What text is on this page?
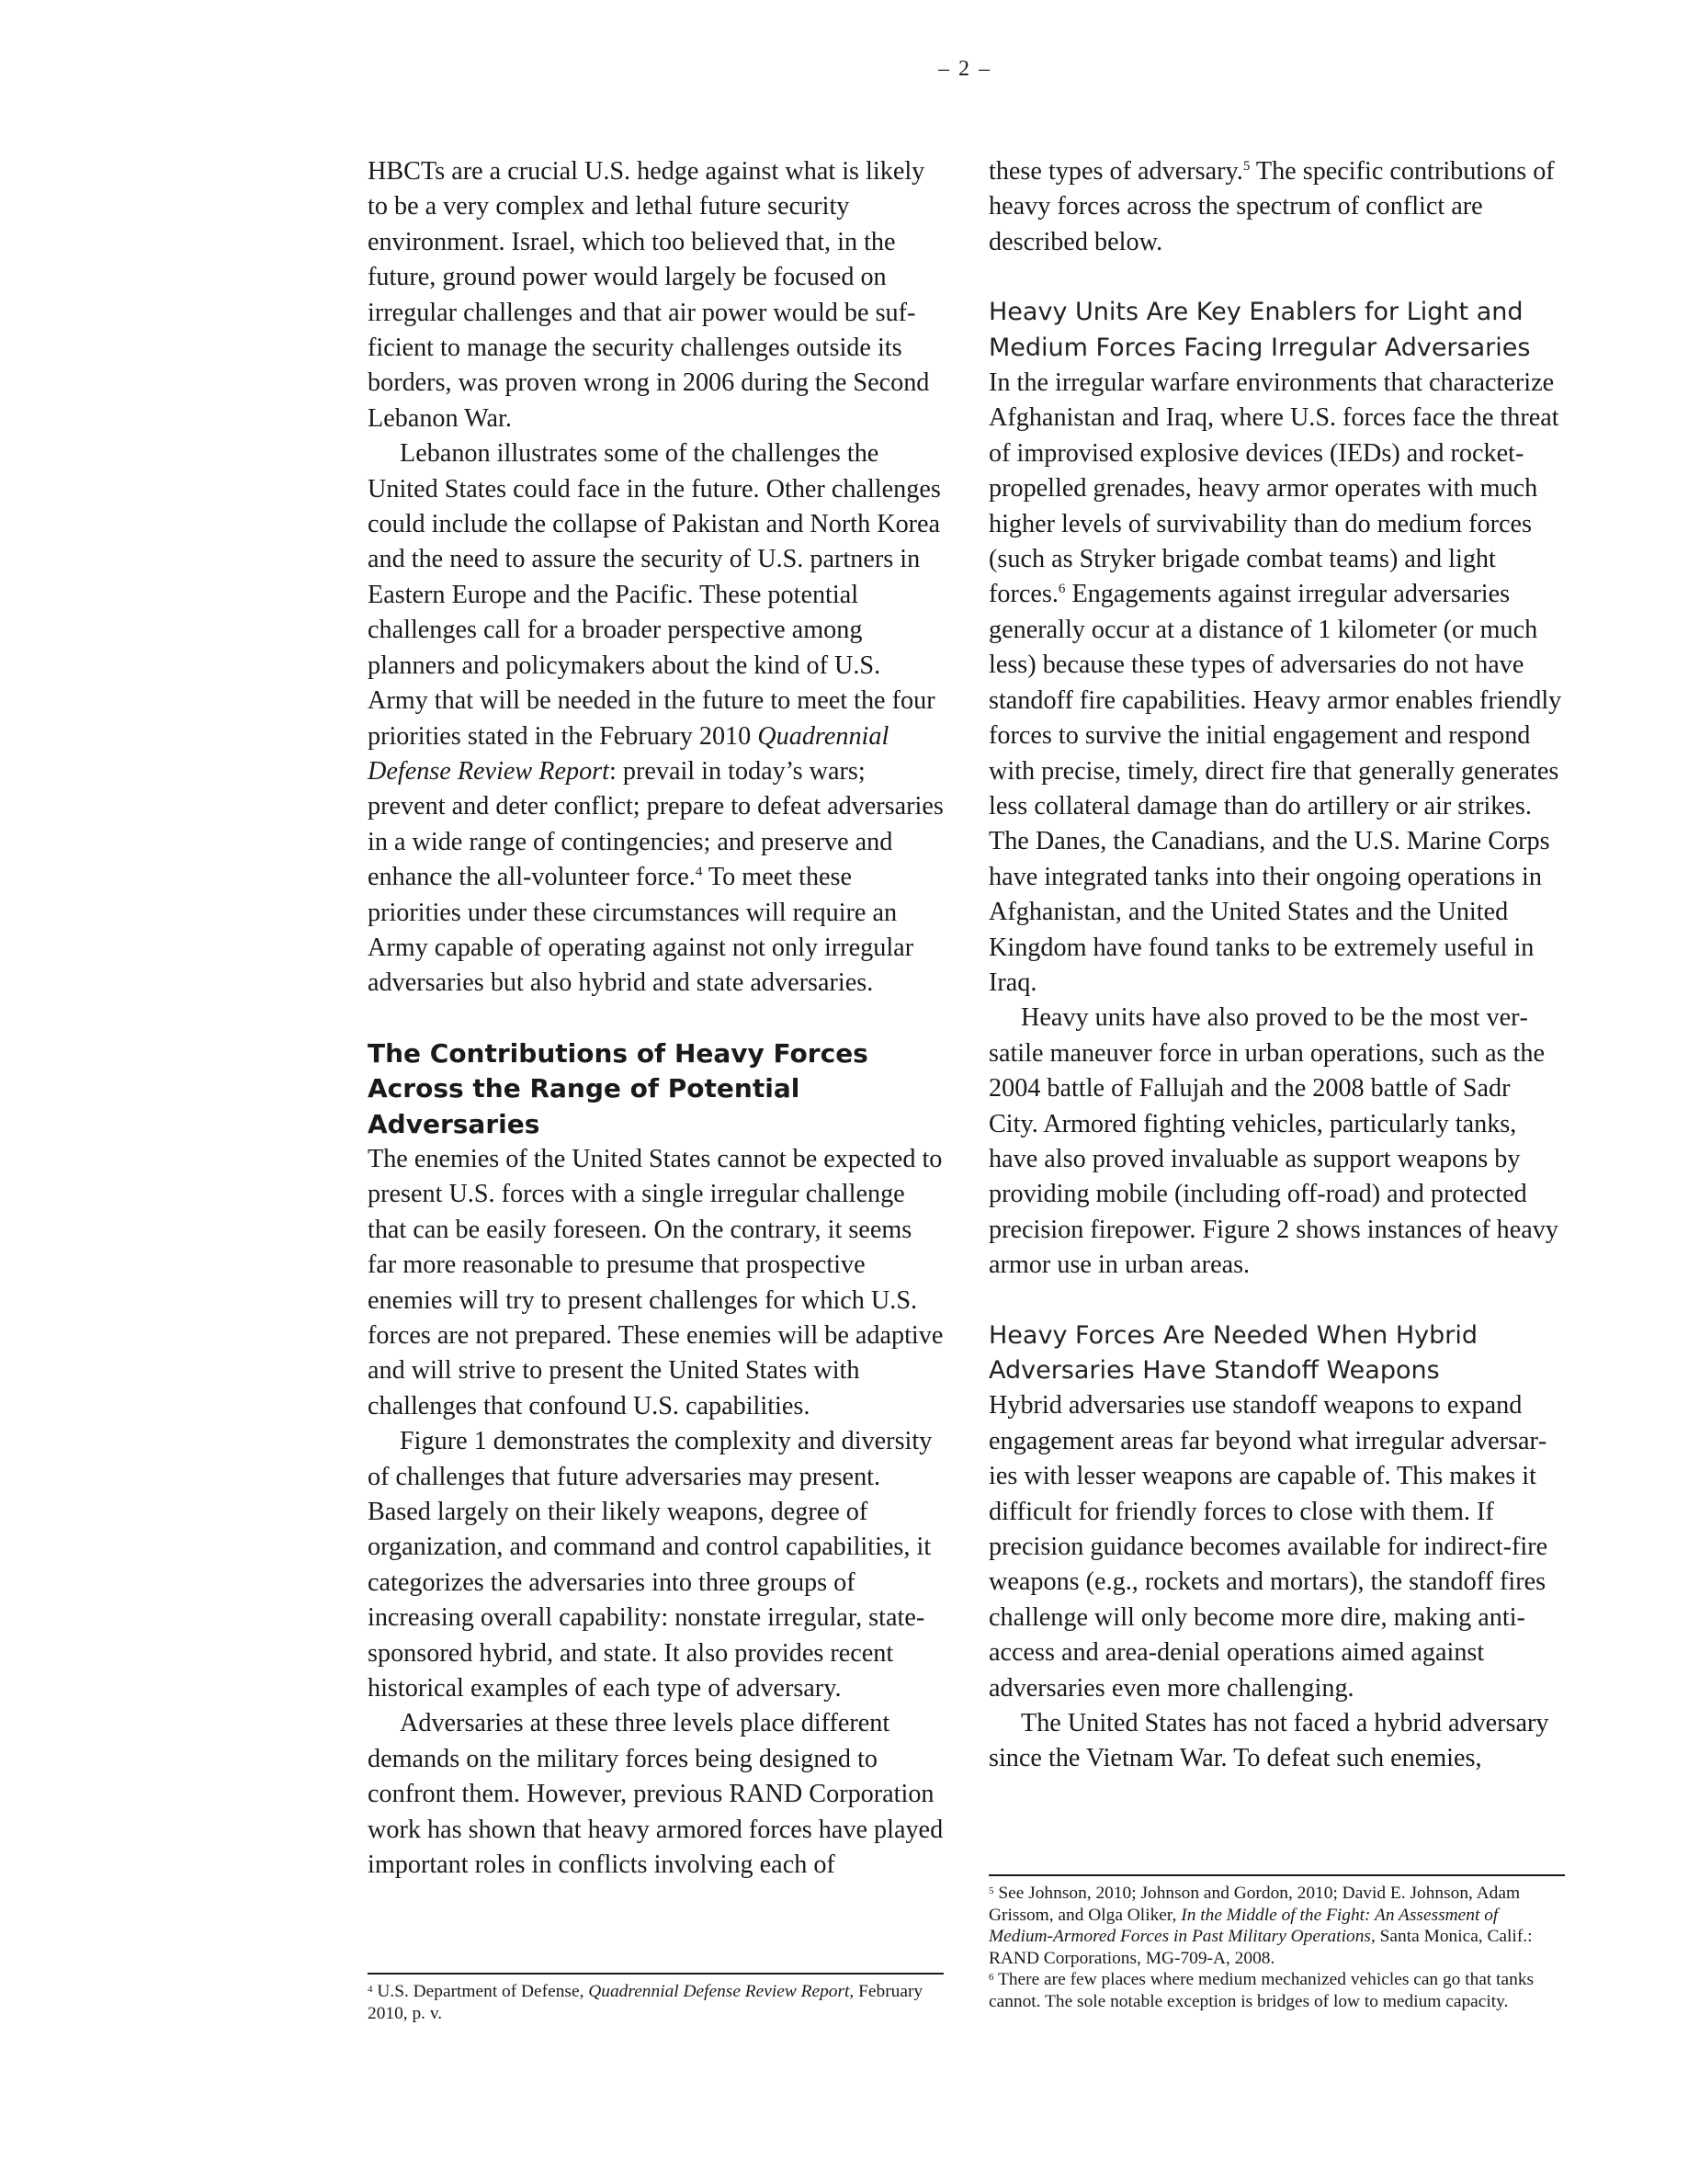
– 2 –

HBCTs are a crucial U.S. hedge against what is likely to be a very complex and lethal future security environment. Israel, which too believed that, in the future, ground power would largely be focused on irregular challenges and that air power would be sufficient to manage the security challenges outside its borders, was proven wrong in 2006 during the Second Lebanon War.

Lebanon illustrates some of the challenges the United States could face in the future. Other challenges could include the collapse of Pakistan and North Korea and the need to assure the security of U.S. partners in Eastern Europe and the Pacific. These potential challenges call for a broader perspective among planners and policymakers about the kind of U.S. Army that will be needed in the future to meet the four priorities stated in the February 2010 Quadrennial Defense Review Report: prevail in today’s wars; prevent and deter conflict; prepare to defeat adversaries in a wide range of contingencies; and preserve and enhance the all-volunteer force.$^4$ To meet these priorities under these circumstances will require an Army capable of operating against not only irregular adversaries but also hybrid and state adversaries.

The Contributions of Heavy Forces Across the Range of Potential Adversaries

The enemies of the United States cannot be expected to present U.S. forces with a single irregular challenge that can be easily foreseen. On the contrary, it seems far more reasonable to presume that prospective enemies will try to present challenges for which U.S. forces are not prepared. These enemies will be adaptive and will strive to present the United States with challenges that confound U.S. capabilities.

Figure 1 demonstrates the complexity and diversity of challenges that future adversaries may present. Based largely on their likely weapons, degree of organization, and command and control capabilities, it categorizes the adversaries into three groups of increasing overall capability: nonstate irregular, state-sponsored hybrid, and state. It also provides recent historical examples of each type of adversary.

Adversaries at these three levels place different demands on the military forces being designed to confront them. However, previous RAND Corporation work has shown that heavy armored forces have played important roles in conflicts involving each of

$^4$ U.S. Department of Defense, Quadrennial Defense Review Report, February 2010, p. v.

these types of adversary.$^5$ The specific contributions of heavy forces across the spectrum of conflict are described below.

Heavy Units Are Key Enablers for Light and Medium Forces Facing Irregular Adversaries

In the irregular warfare environments that characterize Afghanistan and Iraq, where U.S. forces face the threat of improvised explosive devices (IEDs) and rocket-propelled grenades, heavy armor operates with much higher levels of survivability than do medium forces (such as Stryker brigade combat teams) and light forces.$^6$ Engagements against irregular adversaries generally occur at a distance of 1 kilometer (or much less) because these types of adversaries do not have standoff fire capabilities. Heavy armor enables friendly forces to survive the initial engagement and respond with precise, timely, direct fire that generally generates less collateral damage than do artillery or air strikes. The Danes, the Canadians, and the U.S. Marine Corps have integrated tanks into their ongoing operations in Afghanistan, and the United States and the United Kingdom have found tanks to be extremely useful in Iraq.

Heavy units have also proved to be the most versatile maneuver force in urban operations, such as the 2004 battle of Fallujah and the 2008 battle of Sadr City. Armored fighting vehicles, particularly tanks, have also proved invaluable as support weapons by providing mobile (including off-road) and protected precision firepower. Figure 2 shows instances of heavy armor use in urban areas.

Heavy Forces Are Needed When Hybrid Adversaries Have Standoff Weapons

Hybrid adversaries use standoff weapons to expand engagement areas far beyond what irregular adversaries with lesser weapons are capable of. This makes it difficult for friendly forces to close with them. If precision guidance becomes available for indirect-fire weapons (e.g., rockets and mortars), the standoff fires challenge will only become more dire, making anti-access and area-denial operations aimed against adversaries even more challenging.

The United States has not faced a hybrid adversary since the Vietnam War. To defeat such enemies,

$^5$ See Johnson, 2010; Johnson and Gordon, 2010; David E. Johnson, Adam Grissom, and Olga Oliker, In the Middle of the Fight: An Assessment of Medium-Armored Forces in Past Military Operations, Santa Monica, Calif.: RAND Corporations, MG-709-A, 2008.

$^6$ There are few places where medium mechanized vehicles can go that tanks cannot. The sole notable exception is bridges of low to medium capacity.
